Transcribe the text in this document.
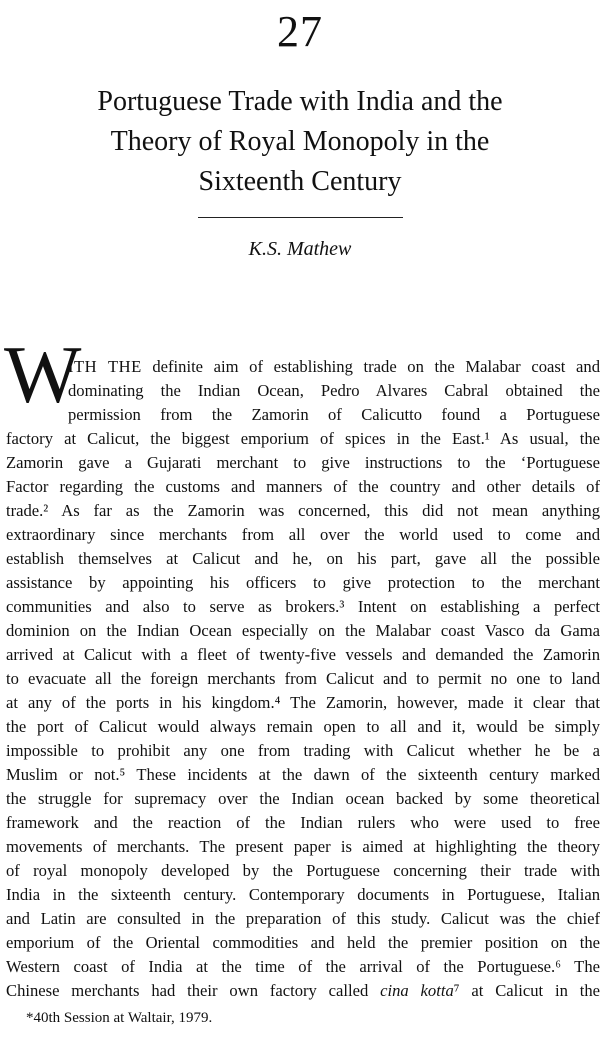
27
Portuguese Trade with India and the
Theory of Royal Monopoly in the
Sixteenth Century
K.S. Mathew
W
ITH THE definite aim of establishing trade on the Malabar coast and
dominating the Indian Ocean, Pedro Alvares Cabral obtained the
permission from the Zamorin of Calicutto found a Portuguese
factory at Calicut, the biggest emporium of spices in the East.¹ As usual, the
Zamorin gave a Gujarati merchant to give instructions to the ‘Portuguese
Factor regarding the customs and manners of the country and other details of
trade.² As far as the Zamorin was concerned, this did not mean anything
extraordinary since merchants from all over the world used to come and
establish themselves at Calicut and he, on his part, gave all the possible
assistance by appointing his officers to give protection to the merchant
communities and also to serve as brokers.³ Intent on establishing a perfect
dominion on the Indian Ocean especially on the Malabar coast Vasco da Gama
arrived at Calicut with a fleet of twenty-five vessels and demanded the Zamorin
to evacuate all the foreign merchants from Calicut and to permit no one to land
at any of the ports in his kingdom.⁴ The Zamorin, however, made it clear that
the port of Calicut would always remain open to all and it, would be simply
impossible to prohibit any one from trading with Calicut whether he be a
Muslim or not.⁵ These incidents at the dawn of the sixteenth century marked
the struggle for supremacy over the Indian ocean backed by some theoretical
framework and the reaction of the Indian rulers who were used to free
movements of merchants. The present paper is aimed at highlighting the theory
of royal monopoly developed by the Portuguese concerning their trade with
India in the sixteenth century. Contemporary documents in Portuguese, Italian
and Latin are consulted in the preparation of this study. Calicut was the chief
emporium of the Oriental commodities and held the premier position on the
Western coast of India at the time of the arrival of the Portuguese.⁶ The
Chinese merchants had their own factory called cina kotta⁷ at Calicut in the
*40th Session at Waltair, 1979.
